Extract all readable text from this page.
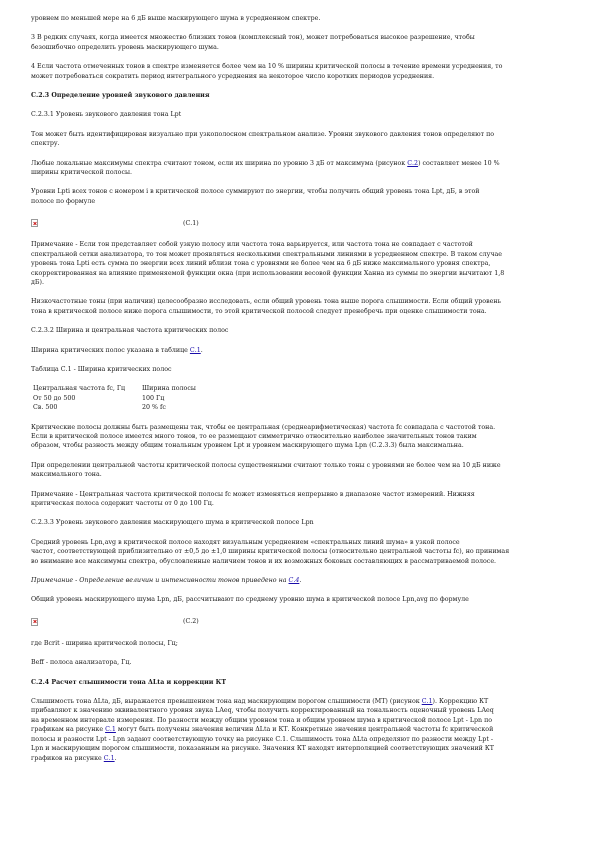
уровнем по меньшей мере на 6 дБ выше маскирующего шума в усредненном спектре.

3 В редких случаях, когда имеется множество близких тонов (комплексный тон), может потребоваться высокое разрешение, чтобы

безошибочно определить уровень маскирующего шума.

4 Если частота отмеченных тонов в спектре изменяется более чем на 10 % ширины критической полосы в течение времени усреднения, то

может потребоваться сократить период интегрального усреднения на некоторое число коротких периодов усреднения.

С.2.3 Определение уровней звукового давления

С.2.3.1 Уровень звукового давления тона Lpt

Тон может быть идентифицирован визуально при узкополосном спектральном анализе. Уровни звукового давления тонов определяют по

спектру.

Любые локальные максимумы спектра считают тоном, если их ширина по уровню 3 дБ от максимума (рисунок С.2) составляет менее 10 %

ширины критической полосы.

Уровни Lpti всех тонов с номером i в критической полосе суммируют по энергии, чтобы получить общий уровень тона Lpt, дБ, в этой

полосе по формуле

(С.1)

Примечание - Если тон представляет собой узкую полосу или частота тона варьируется, или частота тона не совпадает с частотой

спектральной сетки анализатора, то тон может проявляться несколькими спектральными линиями в усредненном спектре. В таком случае

уровень тона Lpti есть сумма по энергии всех линий вблизи тона с уровнями не более чем на 6 дБ ниже максимального уровня спектра,

скорректированная на влияние применяемой функции окна (при использовании весовой функции Ханна из суммы по энергии вычитают 1,8

дБ).

Низкочастотные тоны (при наличии) целесообразно исследовать, если общий уровень тона выше порога слышимости. Если общий уровень

тона в критической полосе ниже порога слышимости, то этой критической полосой следует пренебречь при оценке слышимости тона.

С.2.3.2 Ширина и центральная частота критических полос

Ширина критических полос указана в таблице С.1.

Таблица С.1 - Ширина критических полос

Центральная частота fc, Гц	Ширина полосы
От 50 до 500	100 Гц
Св. 500	20 % fc

Критические полосы должны быть размещены так, чтобы ее центральная (среднеарифметическая) частота fc совпадала с частотой тона.

Если в критической полосе имеется много тонов, то ее размещают симметрично относительно наиболее значительных тонов таким

образом, чтобы разность между общим тональным уровнем Lpt и уровнем маскирующего шума Lpn (С.2.3.3) была максимальна.

При определении центральной частоты критической полосы существенными считают только тоны с уровнями не более чем на 10 дБ ниже

максимального тона.

Примечание - Центральная частота критической полосы fc может изменяться непрерывно в диапазоне частот измерений. Нижняя

критическая полоса содержит частоты от 0 до 100 Гц.

С.2.3.3 Уровень звукового давления маскирующего шума в критической полосе Lpn

Средний уровень Lpn,avg в критической полосе находят визуальным усреднением «спектральных линий шума» в узкой полосе

частот, соответствующей приблизительно от ±0,5 до ±1,0 ширины критической полосы (относительно центральной частоты fc), но принимая

во внимание все максимумы спектра, обусловленные наличием тонов и их возможных боковых составляющих в рассматриваемой полосе.

Примечание - Определение величин и интенсивности тонов приведено на С.4.

Общий уровень маскирующего шума Lpn, дБ, рассчитывают по среднему уровню шума в критической полосе Lpn,avg по формуле

(С.2)

где Bcrit - ширина критической полосы, Гц;

Beff - полоса анализатора, Гц.

С.2.4 Расчет слышимости тона ΔLta и коррекции КТ

Слышимость тона ΔLta, дБ, выражается превышением тона над маскирующим порогом слышимости (МТ) (рисунок С.1). Коррекцию КТ

прибавляют к значению эквивалентного уровня звука LAeq, чтобы получить корректированный на тональность оценочный уровень LAeq

на временном интервале измерения. По разности между общим уровнем тона и общим уровнем шума в критической полосе Lpt - Lpn по

графикам на рисунке С.1 могут быть получены значения величин ΔLta и КТ. Конкретные значения центральной частоты fc критической

полосы и разности Lpt - Lpn задают соответствующую точку на рисунке С.1. Слышимость тона ΔLta определяют по разности между Lpt -

Lpn и маскирующим порогом слышимости, показанным на рисунке. Значения КТ находят интерполяцией соответствующих значений КТ

графиков на рисунке С.1.
